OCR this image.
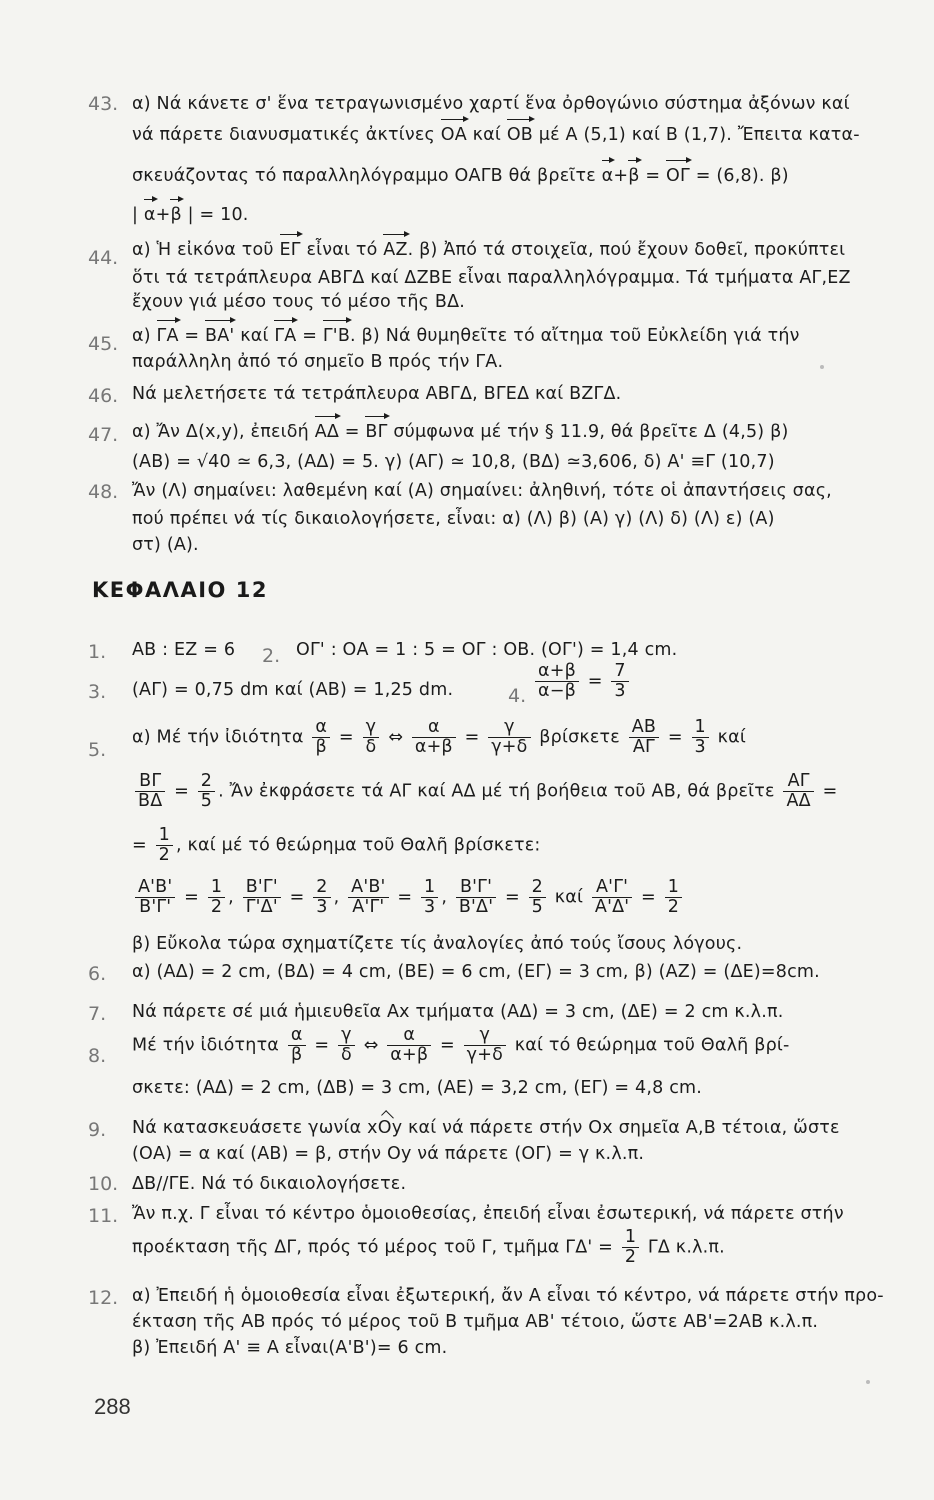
43. α) Νά κάνετε σ' ἕνα τετραγωνισμένο χαρτί ἕνα ὀρθογώνιο σύστημα ἀξόνων καί
νά πάρετε διανυσματικές ἀκτίνες ΟΑ καί ΟΒ μέ Α (5,1) καί Β (1,7). Ἔπειτα κατα-
σκευάζοντας τό παραλληλόγραμμο ΟΑΓΒ θά βρεῖτε α+β = ΟΓ = (6,8). β)
| α+β | = 10.
44. α) Ἡ εἰκόνα τοῦ ΕΓ εἶναι τό ΑΖ. β) Ἀπό τά στοιχεῖα, πού ἔχουν δοθεῖ, προκύπτει
ὅτι τά τετράπλευρα ΑΒΓΔ καί ΔΖΒΕ εἶναι παραλληλόγραμμα. Τά τμήματα ΑΓ,ΕΖ
ἔχουν γιά μέσο τους τό μέσο τῆς ΒΔ.
45. α) ΓΑ = ΒΑ' καί ΓΑ = Γ'Β. β) Νά θυμηθεῖτε τό αἴτημα τοῦ Εὐκλείδη γιά τήν
παράλληλη ἀπό τό σημεῖο Β πρός τήν ΓΑ.
46. Νά μελετήσετε τά τετράπλευρα ΑΒΓΔ, ΒΓΕΔ καί ΒΖΓΔ.
47. α) Ἄν Δ(x,y), ἐπειδή ΑΔ = ΒΓ σύμφωνα μέ τήν § 11.9, θά βρεῖτε Δ (4,5) β)
(ΑΒ) = √40 ≃ 6,3, (ΑΔ) = 5. γ) (ΑΓ) ≃ 10,8, (ΒΔ) ≃3,606, δ) Α' ≡Γ (10,7)
48. Ἄν (Λ) σημαίνει: λαθεμένη καί (Α) σημαίνει: ἀληθινή, τότε οἱ ἀπαντήσεις σας,
πού πρέπει νά τίς δικαιολογήσετε, εἶναι: α) (Λ) β) (Α) γ) (Λ) δ) (Λ) ε) (Α)
στ) (Α).
ΚΕΦΑΛΑΙΟ 12
1.	ΑΒ : ΕΖ = 6 2. ΟΓ' : ΟΑ = 1 : 5 = ΟΓ : ΟΒ. (ΟΓ') = 1,4 cm.
3.	(ΑΓ) = 0,75 dm καί (ΑΒ) = 1,25 dm.	4. $\frac{\alpha+\beta}{\alpha-\beta} = \frac{7}{3}$
5.
α) Μέ τήν ἰδιότητα $\frac{\alpha}{\beta} = \frac{\gamma}{\delta}$ ⇔ $\frac{\alpha}{\alpha+\beta} = \frac{\gamma}{\gamma+\delta}$ βρίσκετε $\frac{AB}{A\Gamma} = \frac{1}{3}$ καί
$\frac{B\Gamma}{B\Delta} = \frac{2}{5}$ . Ἄν ἐκφράσετε τά ΑΓ καί ΑΔ μέ τή βοήθεια τοῦ ΑΒ, θά βρεῖτε $\frac{A\Gamma}{A\Delta}$ =
= $\frac{1}{2}$ , καί μέ τό θεώρημα τοῦ Θαλῆ βρίσκετε:
$\frac{A'B'}{B'\Gamma'} = \frac{1}{2}$ , $\frac{B'\Gamma'}{\Gamma'\Delta'} = \frac{2}{3}$ , $\frac{A'B'}{A'\Gamma'} = \frac{1}{3}$ , $\frac{B'\Gamma'}{B'\Delta'} = \frac{2}{5}$ καί $\frac{A'\Gamma'}{A'\Delta'} = \frac{1}{2}$
β) Εὔκολα τώρα σχηματίζετε τίς ἀναλογίες ἀπό τούς ἴσους λόγους.
6.	α) (ΑΔ) = 2 cm, (ΒΔ) = 4 cm, (ΒΕ) = 6 cm, (ΕΓ) = 3 cm, β) (ΑΖ) = (ΔΕ)=8cm.
7.	Νά πάρετε σέ μιά ἡμιευθεῖα Αx τμήματα (ΑΔ) = 3 cm, (ΔΕ) = 2 cm κ.λ.π.
8.	Μέ τήν ἰδιότητα $\frac{\alpha}{\beta} = \frac{\gamma}{\delta}$ ⇔ $\frac{\alpha}{\alpha+\beta} = \frac{\gamma}{\gamma+\delta}$ καί τό θεώρημα τοῦ Θαλῆ βρί-
σκετε: (ΑΔ) = 2 cm, (ΔΒ) = 3 cm, (ΑΕ) = 3,2 cm, (ΕΓ) = 4,8 cm.
9.	Νά κατασκευάσετε γωνία xΟy καί νά πάρετε στήν Οx σημεῖα Α,Β τέτοια, ὥστε
(ΟΑ) = α καί (ΑΒ) = β, στήν Οy νά πάρετε (ΟΓ) = γ κ.λ.π.
10. ΔΒ//ΓΕ. Νά τό δικαιολογήσετε.
11. Ἄν π.χ. Γ εἶναι τό κέντρο ὁμοιοθεσίας, ἐπειδή εἶναι ἐσωτερική, νά πάρετε στήν
προέκταση τῆς ΔΓ, πρός τό μέρος τοῦ Γ, τμῆμα $\Gamma\Delta' = \frac{1}{2}$ ΓΔ κ.λ.π.
12. α) Ἐπειδή ἡ ὁμοιοθεσία εἶναι ἐξωτερική, ἄν Α εἶναι τό κέντρο, νά πάρετε στήν προ-
έκταση τῆς ΑΒ πρός τό μέρος τοῦ Β τμῆμα ΑΒ' τέτοιο, ὥστε ΑΒ'=2ΑΒ κ.λ.π.
β) Ἐπειδή Α' ≡ Α εἶναι(Α'Β')= 6 cm.
288
